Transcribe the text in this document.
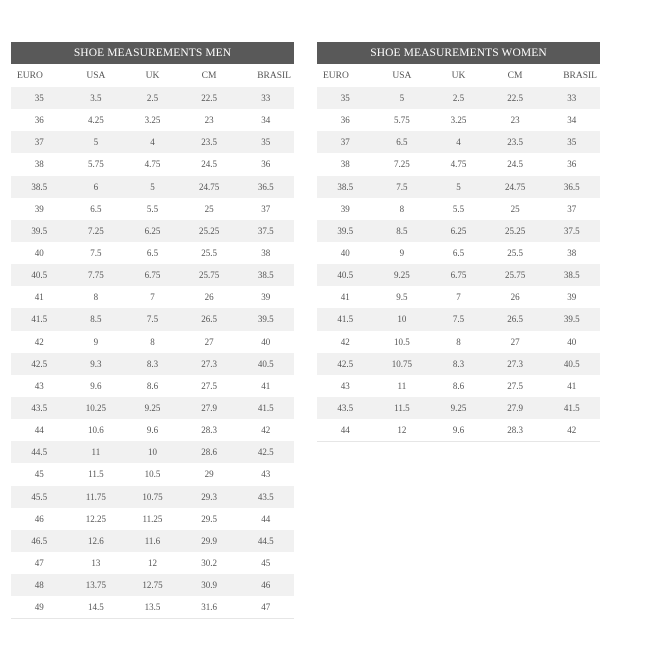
SHOE MEASUREMENTS MEN				
EURO	USA	UK	CM	BRASIL
35	3.5	2.5	22.5	33
36	4.25	3.25	23	34
37	5	4	23.5	35
38	5.75	4.75	24.5	36
38.5	6	5	24.75	36.5
39	6.5	5.5	25	37
39.5	7.25	6.25	25.25	37.5
40	7.5	6.5	25.5	38
40.5	7.75	6.75	25.75	38.5
41	8	7	26	39
41.5	8.5	7.5	26.5	39.5
42	9	8	27	40
42.5	9.3	8.3	27.3	40.5
43	9.6	8.6	27.5	41
43.5	10.25	9.25	27.9	41.5
44	10.6	9.6	28.3	42
44.5	11	10	28.6	42.5
45	11.5	10.5	29	43
45.5	11.75	10.75	29.3	43.5
46	12.25	11.25	29.5	44
46.5	12.6	11.6	29.9	44.5
47	13	12	30.2	45
48	13.75	12.75	30.9	46
49	14.5	13.5	31.6	47
SHOE MEASUREMENTS WOMEN				
EURO	USA	UK	CM	BRASIL
35	5	2.5	22.5	33
36	5.75	3.25	23	34
37	6.5	4	23.5	35
38	7.25	4.75	24.5	36
38.5	7.5	5	24.75	36.5
39	8	5.5	25	37
39.5	8.5	6.25	25.25	37.5
40	9	6.5	25.5	38
40.5	9.25	6.75	25.75	38.5
41	9.5	7	26	39
41.5	10	7.5	26.5	39.5
42	10.5	8	27	40
42.5	10.75	8.3	27.3	40.5
43	11	8.6	27.5	41
43.5	11.5	9.25	27.9	41.5
44	12	9.6	28.3	42
